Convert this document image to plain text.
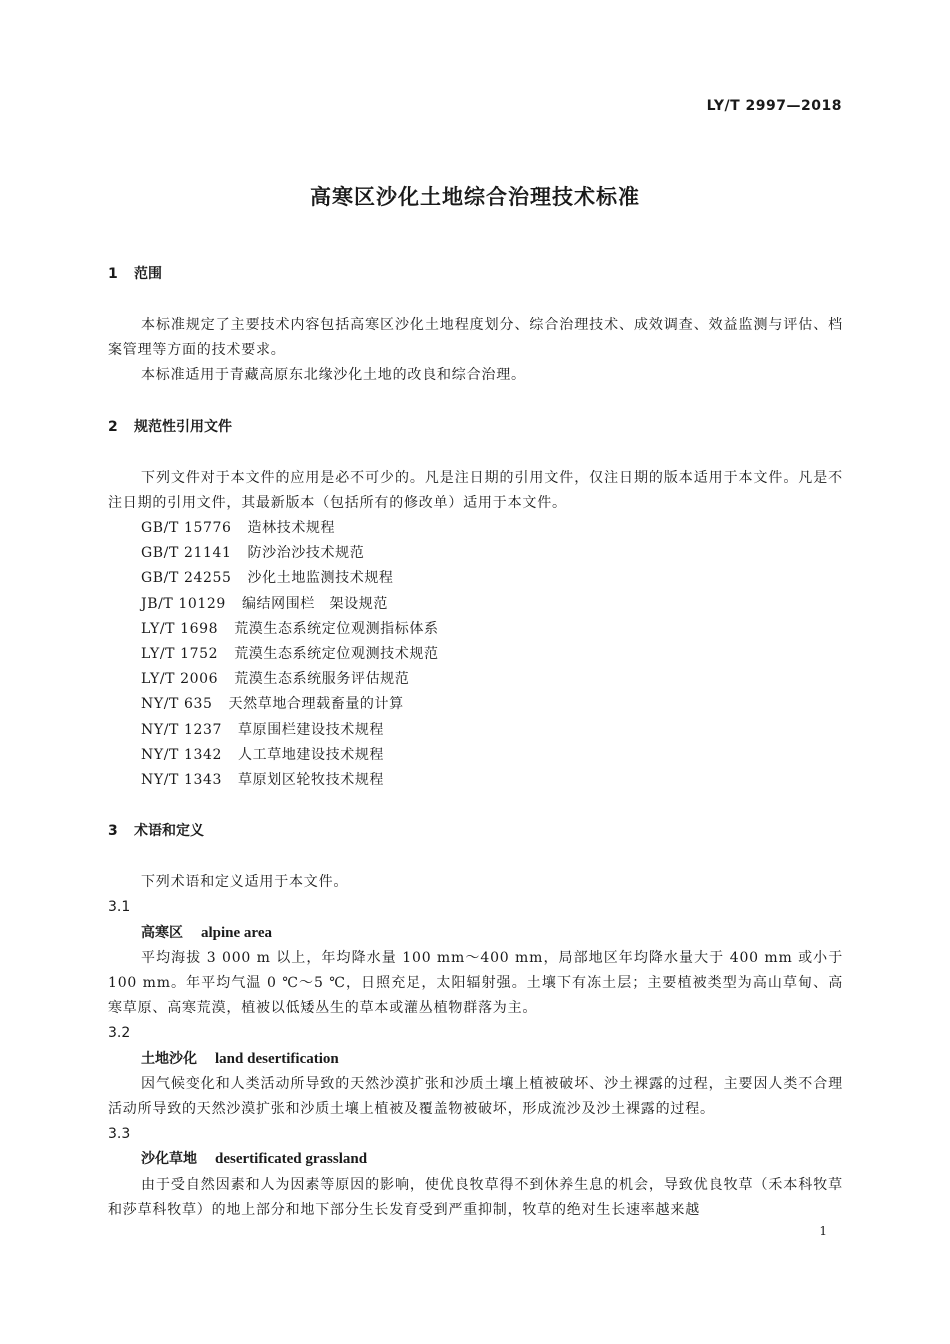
LY/T 2997—2018
高寒区沙化土地综合治理技术标准
1 范围
本标准规定了主要技术内容包括高寒区沙化土地程度划分、综合治理技术、成效调查、效益监测与评估、档案管理等方面的技术要求。
本标准适用于青藏高原东北缘沙化土地的改良和综合治理。
2 规范性引用文件
下列文件对于本文件的应用是必不可少的。凡是注日期的引用文件，仅注日期的版本适用于本文件。凡是不注日期的引用文件，其最新版本（包括所有的修改单）适用于本文件。
GB/T 15776 造林技术规程
GB/T 21141 防沙治沙技术规范
GB/T 24255 沙化土地监测技术规程
JB/T 10129 编结网围栏　架设规范
LY/T 1698 荒漠生态系统定位观测指标体系
LY/T 1752 荒漠生态系统定位观测技术规范
LY/T 2006 荒漠生态系统服务评估规范
NY/T 635 天然草地合理载畜量的计算
NY/T 1237 草原围栏建设技术规程
NY/T 1342 人工草地建设技术规程
NY/T 1343 草原划区轮牧技术规程
3 术语和定义
下列术语和定义适用于本文件。
3.1
高寒区 alpine area
平均海拔 3 000 m 以上，年均降水量 100 mm～400 mm，局部地区年均降水量大于 400 mm 或小于 100 mm。年平均气温 0 ℃～5 ℃，日照充足，太阳辐射强。土壤下有冻土层；主要植被类型为高山草甸、高寒草原、高寒荒漠，植被以低矮丛生的草本或灌丛植物群落为主。
3.2
土地沙化 land desertification
因气候变化和人类活动所导致的天然沙漠扩张和沙质土壤上植被破坏、沙土裸露的过程，主要因人类不合理活动所导致的天然沙漠扩张和沙质土壤上植被及覆盖物被破坏，形成流沙及沙土裸露的过程。
3.3
沙化草地 desertificated grassland
由于受自然因素和人为因素等原因的影响，使优良牧草得不到休养生息的机会，导致优良牧草（禾本科牧草和莎草科牧草）的地上部分和地下部分生长发育受到严重抑制，牧草的绝对生长速率越来越
1
